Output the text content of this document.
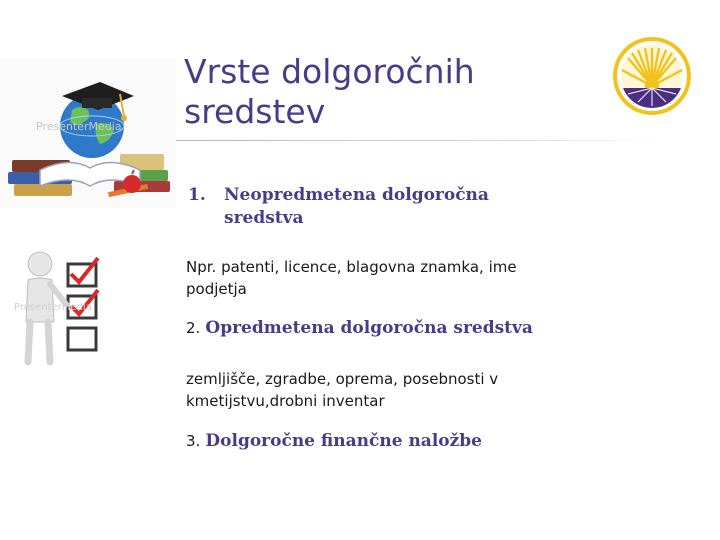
Vrste dolgoročnih
sredstev
PresenterMedia
PresenterMedia
1. Neopredmetena dolgoročna
sredstva
Npr. patenti, licence, blagovna znamka, ime
podjetja
2. Opredmetena dolgoročna sredstva
zemljišče, zgradbe, oprema, posebnosti v
kmetijstvu,drobni inventar
3. Dolgoročne finančne naložbe
